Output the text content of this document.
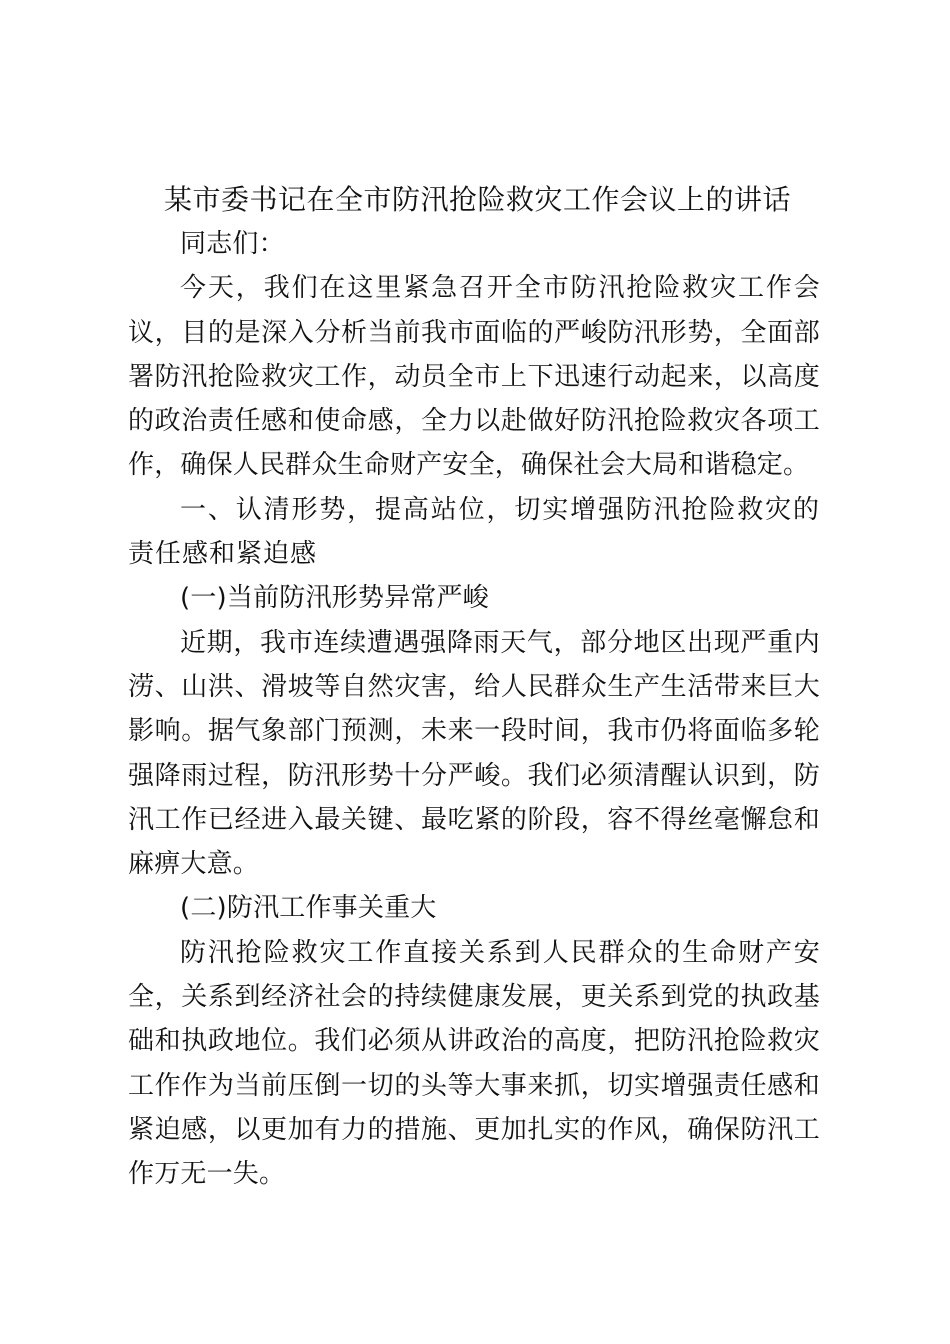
某市委书记在全市防汛抢险救灾工作会议上的讲话

同志们：

今天，我们在这里紧急召开全市防汛抢险救灾工作会议，目的是深入分析当前我市面临的严峻防汛形势，全面部署防汛抢险救灾工作，动员全市上下迅速行动起来，以高度的政治责任感和使命感，全力以赴做好防汛抢险救灾各项工作，确保人民群众生命财产安全，确保社会大局和谐稳定。

一、认清形势，提高站位，切实增强防汛抢险救灾的责任感和紧迫感

(一)当前防汛形势异常严峻

近期，我市连续遭遇强降雨天气，部分地区出现严重内涝、山洪、滑坡等自然灾害，给人民群众生产生活带来巨大影响。据气象部门预测，未来一段时间，我市仍将面临多轮强降雨过程，防汛形势十分严峻。我们必须清醒认识到，防汛工作已经进入最关键、最吃紧的阶段，容不得丝毫懈怠和麻痹大意。

(二)防汛工作事关重大

防汛抢险救灾工作直接关系到人民群众的生命财产安全，关系到经济社会的持续健康发展，更关系到党的执政基础和执政地位。我们必须从讲政治的高度，把防汛抢险救灾工作作为当前压倒一切的头等大事来抓，切实增强责任感和紧迫感，以更加有力的措施、更加扎实的作风，确保防汛工作万无一失。
